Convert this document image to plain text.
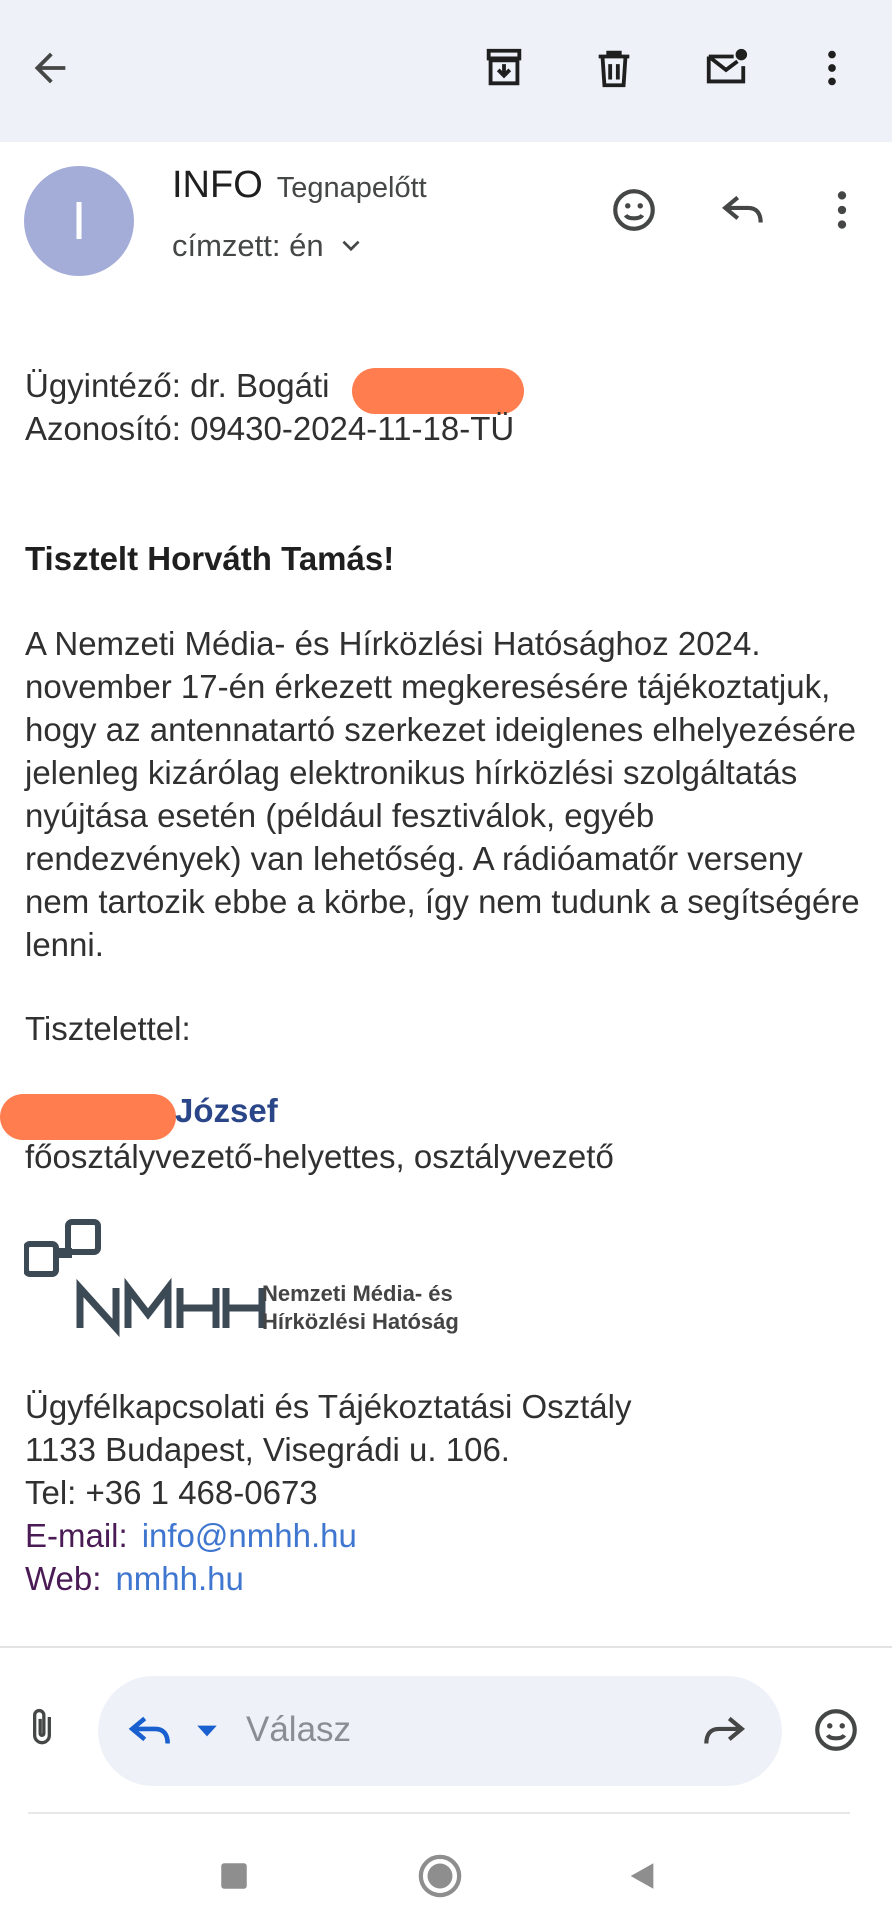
I
INFO Tegnapelőtt
címzett: én
Ügyintéző: dr. Bogáti
Azonosító: 09430-2024-11-18-TÜ
Tisztelt Horváth Tamás!
A Nemzeti Média- és Hírközlési Hatósághoz 2024. november 17-én érkezett megkeresésére tájékoztatjuk, hogy az antennatartó szerkezet ideiglenes elhelyezésére jelenleg kizárólag elektronikus hírközlési szolgáltatás nyújtása esetén (például fesztiválok, egyéb rendezvények) van lehetőség. A rádióamatőr verseny nem tartozik ebbe a körbe, így nem tudunk a segítségére lenni.
Tisztelettel:
József
főosztályvezető-helyettes, osztályvezető
Nemzeti Média- és
Hírközlési Hatóság
Ügyfélkapcsolati és Tájékoztatási Osztály
1133 Budapest, Visegrádi u. 106.
Tel: +36 1 468-0673
E-mail: info@nmhh.hu
Web: nmhh.hu
Válasz
